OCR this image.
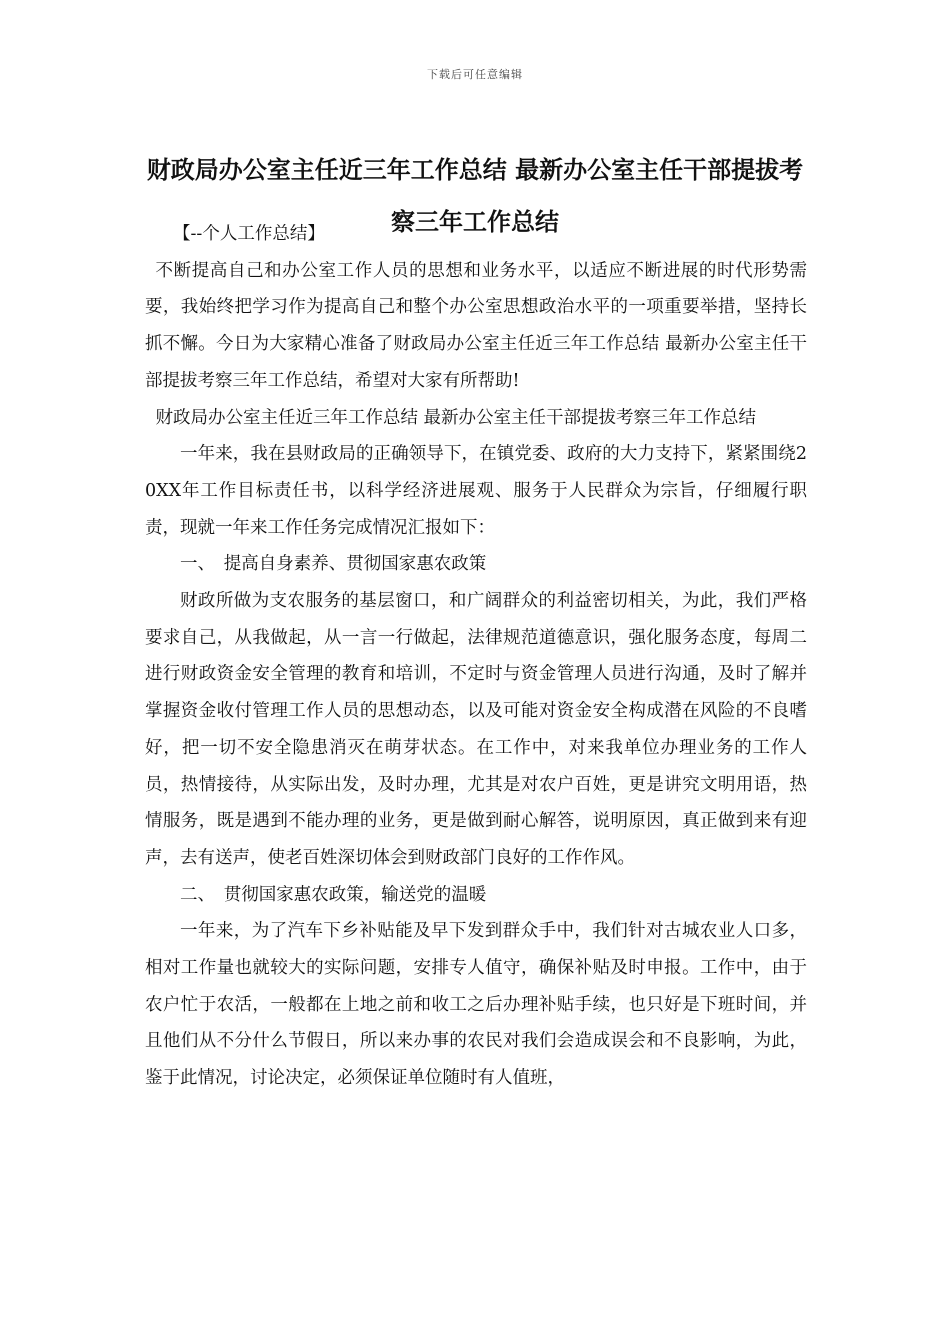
下载后可任意编辑
财政局办公室主任近三年工作总结 最新办公室主任干部提拔考察三年工作总结

【--个人工作总结】

不断提高自己和办公室工作人员的思想和业务水平，以适应不断进展的时代形势需要，我始终把学习作为提高自己和整个办公室思想政治水平的一项重要举措，坚持长抓不懈。今日为大家精心准备了财政局办公室主任近三年工作总结 最新办公室主任干部提拔考察三年工作总结，希望对大家有所帮助!

财政局办公室主任近三年工作总结 最新办公室主任干部提拔考察三年工作总结

一年来，我在县财政局的正确领导下，在镇党委、政府的大力支持下，紧紧围绕20XX年工作目标责任书，以科学经济进展观、服务于人民群众为宗旨，仔细履行职责，现就一年来工作任务完成情况汇报如下：

一、　提高自身素养、贯彻国家惠农政策

财政所做为支农服务的基层窗口，和广阔群众的利益密切相关，为此，我们严格要求自己，从我做起，从一言一行做起，法律规范道德意识，强化服务态度，每周二进行财政资金安全管理的教育和培训，不定时与资金管理人员进行沟通，及时了解并掌握资金收付管理工作人员的思想动态，以及可能对资金安全构成潜在风险的不良嗜好，把一切不安全隐患消灭在萌芽状态。在工作中，对来我单位办理业务的工作人员，热情接待，从实际出发，及时办理，尤其是对农户百姓，更是讲究文明用语，热情服务，既是遇到不能办理的业务，更是做到耐心解答，说明原因，真正做到来有迎声，去有送声，使老百姓深切体会到财政部门良好的工作作风。

二、　贯彻国家惠农政策，输送党的温暖

一年来，为了汽车下乡补贴能及早下发到群众手中，我们针对古城农业人口多，相对工作量也就较大的实际问题，安排专人值守，确保补贴及时申报。工作中，由于农户忙于农活，一般都在上地之前和收工之后办理补贴手续，也只好是下班时间，并且他们从不分什么节假日，所以来办事的农民对我们会造成误会和不良影响，为此，鉴于此情况，讨论决定，必须保证单位随时有人值班，
